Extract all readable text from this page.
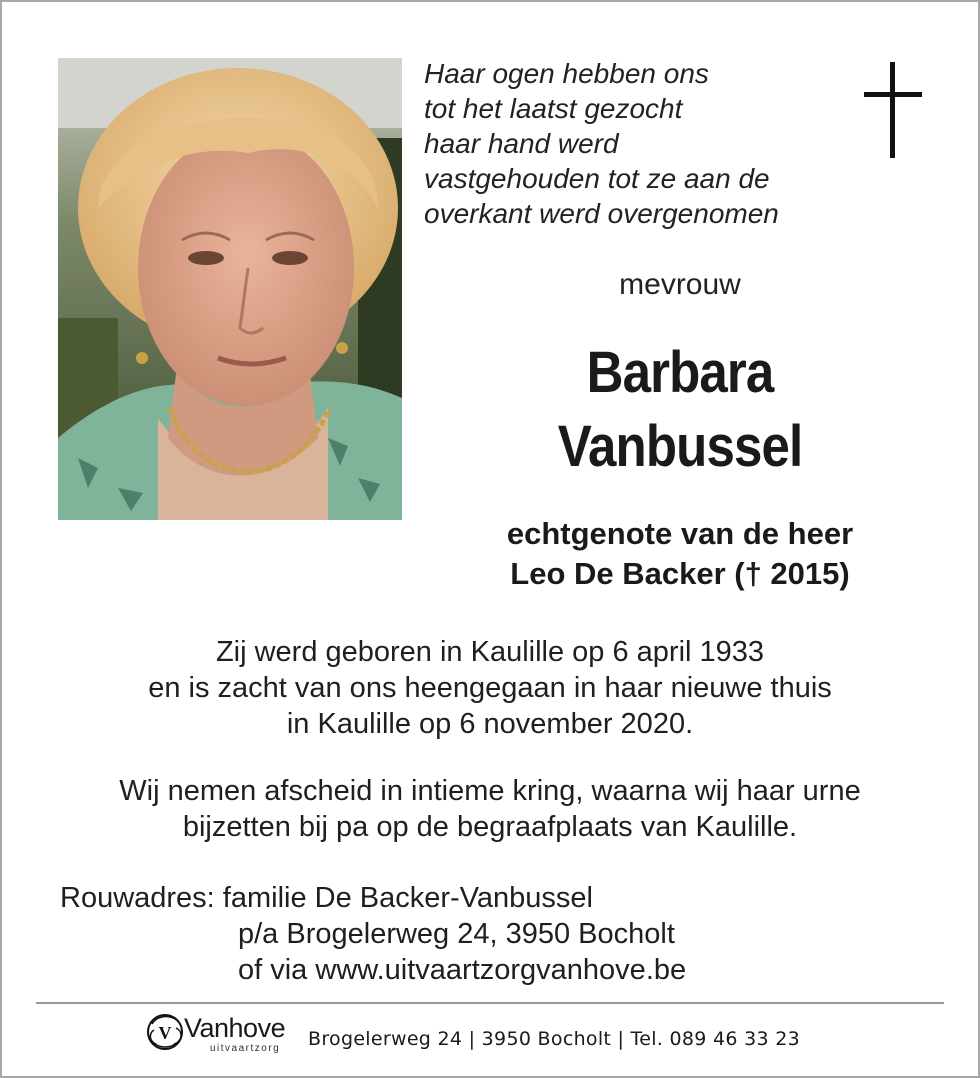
Haar ogen hebben ons
tot het laatst gezocht
haar hand werd
vastgehouden tot ze aan de
overkant werd overgenomen
mevrouw
Barbara
Vanbussel
echtgenote van de heer
Leo De Backer († 2015)
Zij werd geboren in Kaulille op 6 april 1933
en is zacht van ons heengegaan in haar nieuwe thuis
in Kaulille op 6 november 2020.
Wij nemen afscheid in intieme kring, waarna wij haar urne
bijzetten bij pa op de begraafplaats van Kaulille.
Rouwadres: familie De Backer-Vanbussel
p/a Brogelerweg 24, 3950 Bocholt
of via www.uitvaartzorgvanhove.be
V Vanhove
uitvaartzorg Brogelerweg 24 | 3950 Bocholt | Tel. 089 46 33 23
